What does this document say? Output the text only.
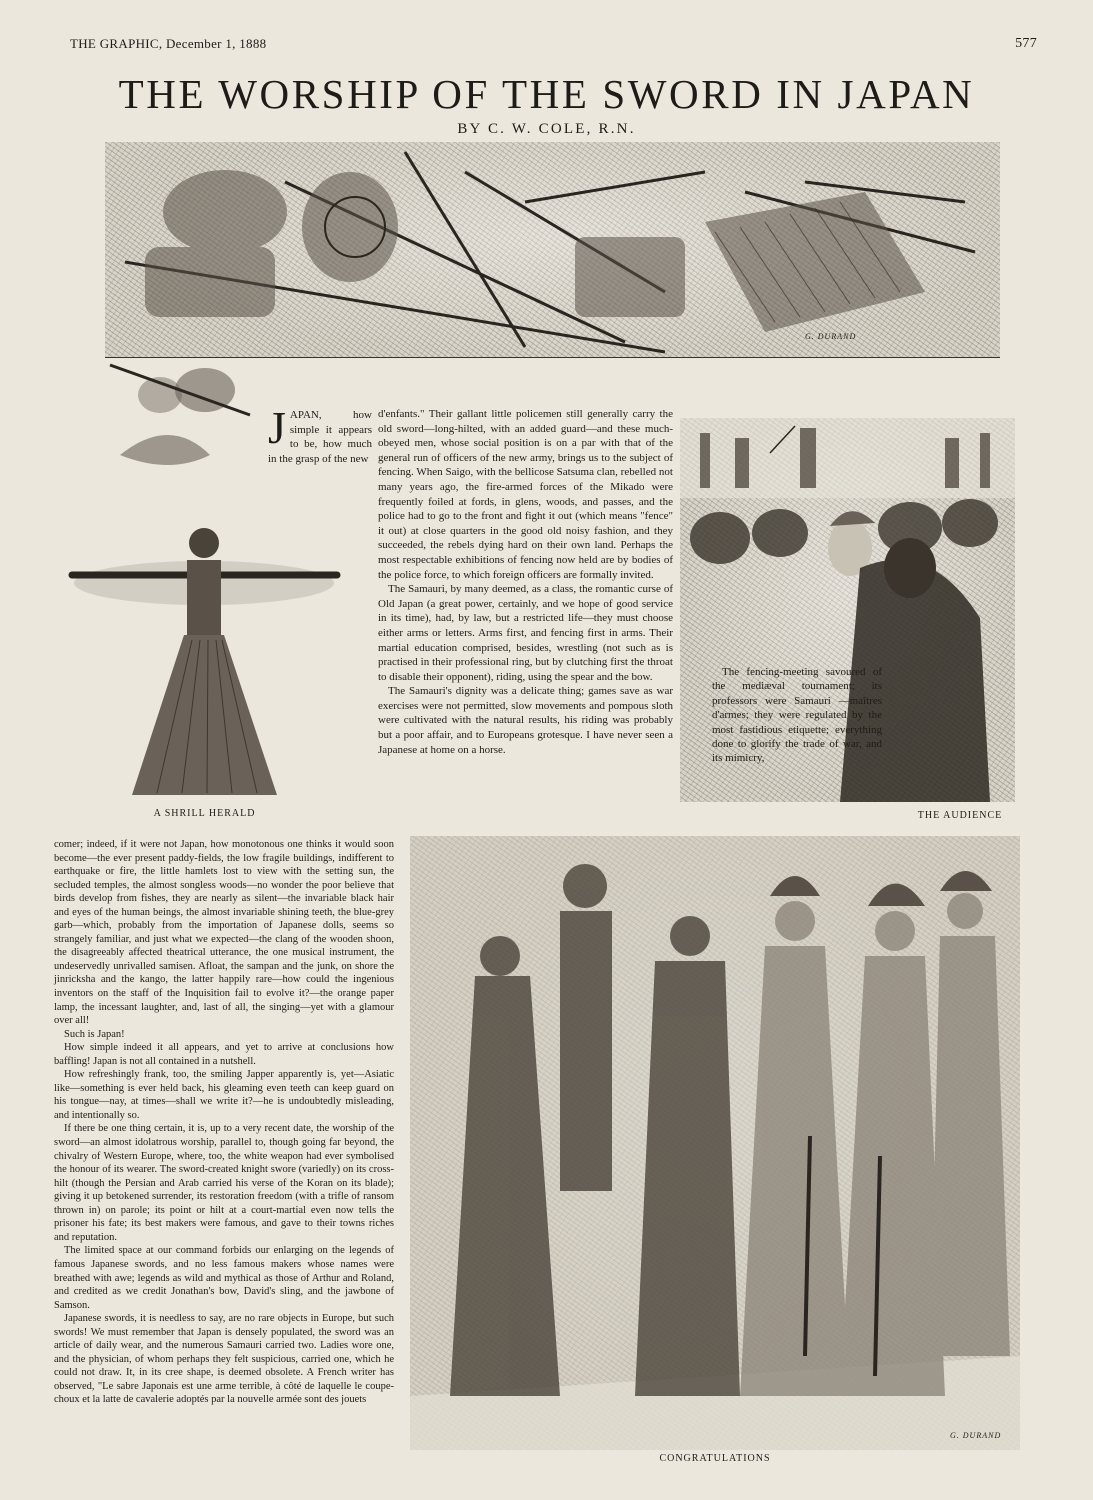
THE GRAPHIC, December 1, 1888	577
THE WORSHIP OF THE SWORD IN JAPAN
BY C. W. COLE, R.N.
G. DURAND
J APAN, how simple it appears to be, how much in the grasp of the new

d'enfants." Their gallant little policemen still generally carry the old sword—long-hilted, with an added guard—and these much-obeyed men, whose social position is on a par with that of the general run of officers of the new army, brings us to the subject of fencing. When Saigo, with the bellicose Satsuma clan, rebelled not many years ago, the fire-armed forces of the Mikado were frequently foiled at fords, in glens, woods, and passes, and the police had to go to the front and fight it out (which means "fence" it out) at close quarters in the good old noisy fashion, and they succeeded, the rebels dying hard on their own land. Perhaps the most respectable exhibitions of fencing now held are by bodies of the police force, to which foreign officers are formally invited.

The Samauri, by many deemed, as a class, the romantic curse of Old Japan (a great power, certainly, and we hope of good service in its time), had, by law, but a restricted life—they must choose either arms or letters. Arms first, and fencing first in arms. Their martial education comprised, besides, wrestling (not such as is practised in their professional ring, but by clutching first the throat to disable their opponent), riding, using the spear and the bow.

The Samauri's dignity was a delicate thing; games save as war exercises were not permitted, slow movements and pompous sloth were cultivated with the natural results, his riding was probably but a poor affair, and to Europeans grotesque. I have never seen a Japanese at home on a horse.

A SHRILL HERALD

The fencing-meeting savoured of the mediæval tournament; its professors were Samauri —maîtres d'armes; they were regulated by the most fastidious etiquette; everything done to glorify the trade of war, and its mimicry,

THE AUDIENCE

comer; indeed, if it were not Japan, how monotonous one thinks it would soon become—the ever present paddy-fields, the low fragile buildings, indifferent to earthquake or fire, the little hamlets lost to view with the setting sun, the secluded temples, the almost songless woods—no wonder the poor believe that birds develop from fishes, they are nearly as silent—the invariable black hair and eyes of the human beings, the almost invariable shining teeth, the blue-grey garb—which, probably from the importation of Japanese dolls, seems so strangely familiar, and just what we expected—the clang of the wooden shoon, the disagreeably affected theatrical utterance, the one musical instrument, the undeservedly unrivalled samisen. Afloat, the sampan and the junk, on shore the jinricksha and the kango, the latter happily rare—how could the ingenious inventors on the staff of the Inquisition fail to evolve it?—the orange paper lamp, the incessant laughter, and, last of all, the singing—yet with a glamour over all!

Such is Japan!

How simple indeed it all appears, and yet to arrive at conclusions how baffling! Japan is not all contained in a nutshell.

How refreshingly frank, too, the smiling Japper apparently is, yet—Asiatic like—something is ever held back, his gleaming even teeth can keep guard on his tongue—nay, at times—shall we write it?—he is undoubtedly misleading, and intentionally so.

If there be one thing certain, it is, up to a very recent date, the worship of the sword—an almost idolatrous worship, parallel to, though going far beyond, the chivalry of Western Europe, where, too, the white weapon had ever symbolised the honour of its wearer. The sword-created knight swore (variedly) on its cross-hilt (though the Persian and Arab carried his verse of the Koran on its blade); giving it up betokened surrender, its restoration freedom (with a trifle of ransom thrown in) on parole; its point or hilt at a court-martial even now tells the prisoner his fate; its best makers were famous, and gave to their towns riches and reputation.

The limited space at our command forbids our enlarging on the legends of famous Japanese swords, and no less famous makers whose names were breathed with awe; legends as wild and mythical as those of Arthur and Roland, and credited as we credit Jonathan's bow, David's sling, and the jawbone of Samson.

Japanese swords, it is needless to say, are no rare objects in Europe, but such swords! We must remember that Japan is densely populated, the sword was an article of daily wear, and the numerous Samauri carried two. Ladies wore one, and the physician, of whom perhaps they felt suspicious, carried one, which he could not draw. It, in its cree shape, is deemed obsolete. A French writer has observed, "Le sabre Japonais est une arme terrible, à côté de laquelle le coupe-choux et la latte de cavalerie adoptés par la nouvelle armée sont des jouets

G. DURAND
CONGRATULATIONS
